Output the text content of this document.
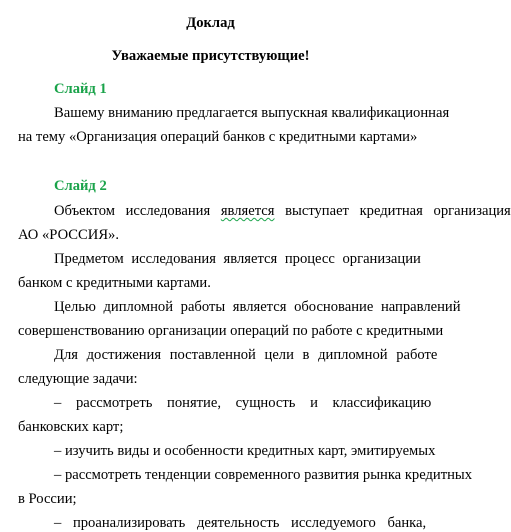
Доклад
Уважаемые присутствующие!
Слайд 1
Вашему вниманию предлагается выпускная квалификационная
на тему «Организация операций банков с кредитными картами»
Слайд 2
Объектом исследования является выступает кредитная организация
АО «РОССИЯ».
Предметом исследования является процесс организации
банком с кредитными картами.
Целью дипломной работы является обоснование направлений
совершенствованию организации операций по работе с кредитными
Для достижения поставленной цели в дипломной работе
следующие задачи:
– рассмотреть понятие, сущность и классификацию
банковских карт;
– изучить виды и особенности кредитных карт, эмитируемых
– рассмотреть тенденции современного развития рынка кредитных
в России;
– проанализировать деятельность исследуемого банка,
